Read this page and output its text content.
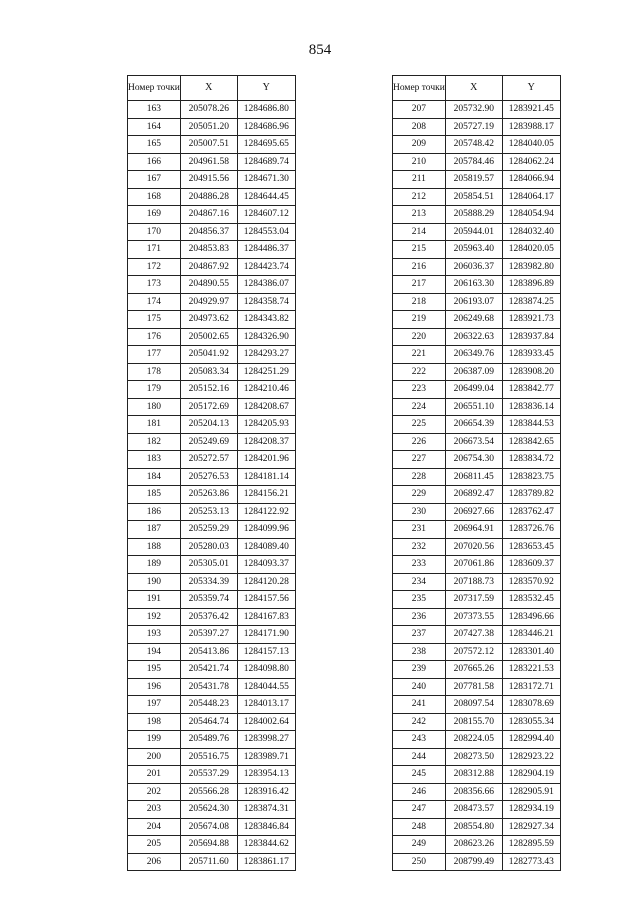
854
Номер точки	X	Y
163	205078.26	1284686.80
164	205051.20	1284686.96
165	205007.51	1284695.65
166	204961.58	1284689.74
167	204915.56	1284671.30
168	204886.28	1284644.45
169	204867.16	1284607.12
170	204856.37	1284553.04
171	204853.83	1284486.37
172	204867.92	1284423.74
173	204890.55	1284386.07
174	204929.97	1284358.74
175	204973.62	1284343.82
176	205002.65	1284326.90
177	205041.92	1284293.27
178	205083.34	1284251.29
179	205152.16	1284210.46
180	205172.69	1284208.67
181	205204.13	1284205.93
182	205249.69	1284208.37
183	205272.57	1284201.96
184	205276.53	1284181.14
185	205263.86	1284156.21
186	205253.13	1284122.92
187	205259.29	1284099.96
188	205280.03	1284089.40
189	205305.01	1284093.37
190	205334.39	1284120.28
191	205359.74	1284157.56
192	205376.42	1284167.83
193	205397.27	1284171.90
194	205413.86	1284157.13
195	205421.74	1284098.80
196	205431.78	1284044.55
197	205448.23	1284013.17
198	205464.74	1284002.64
199	205489.76	1283998.27
200	205516.75	1283989.71
201	205537.29	1283954.13
202	205566.28	1283916.42
203	205624.30	1283874.31
204	205674.08	1283846.84
205	205694.88	1283844.62
206	205711.60	1283861.17
Номер точки	X	Y
207	205732.90	1283921.45
208	205727.19	1283988.17
209	205748.42	1284040.05
210	205784.46	1284062.24
211	205819.57	1284066.94
212	205854.51	1284064.17
213	205888.29	1284054.94
214	205944.01	1284032.40
215	205963.40	1284020.05
216	206036.37	1283982.80
217	206163.30	1283896.89
218	206193.07	1283874.25
219	206249.68	1283921.73
220	206322.63	1283937.84
221	206349.76	1283933.45
222	206387.09	1283908.20
223	206499.04	1283842.77
224	206551.10	1283836.14
225	206654.39	1283844.53
226	206673.54	1283842.65
227	206754.30	1283834.72
228	206811.45	1283823.75
229	206892.47	1283789.82
230	206927.66	1283762.47
231	206964.91	1283726.76
232	207020.56	1283653.45
233	207061.86	1283609.37
234	207188.73	1283570.92
235	207317.59	1283532.45
236	207373.55	1283496.66
237	207427.38	1283446.21
238	207572.12	1283301.40
239	207665.26	1283221.53
240	207781.58	1283172.71
241	208097.54	1283078.69
242	208155.70	1283055.34
243	208224.05	1282994.40
244	208273.50	1282923.22
245	208312.88	1282904.19
246	208356.66	1282905.91
247	208473.57	1282934.19
248	208554.80	1282927.34
249	208623.26	1282895.59
250	208799.49	1282773.43
